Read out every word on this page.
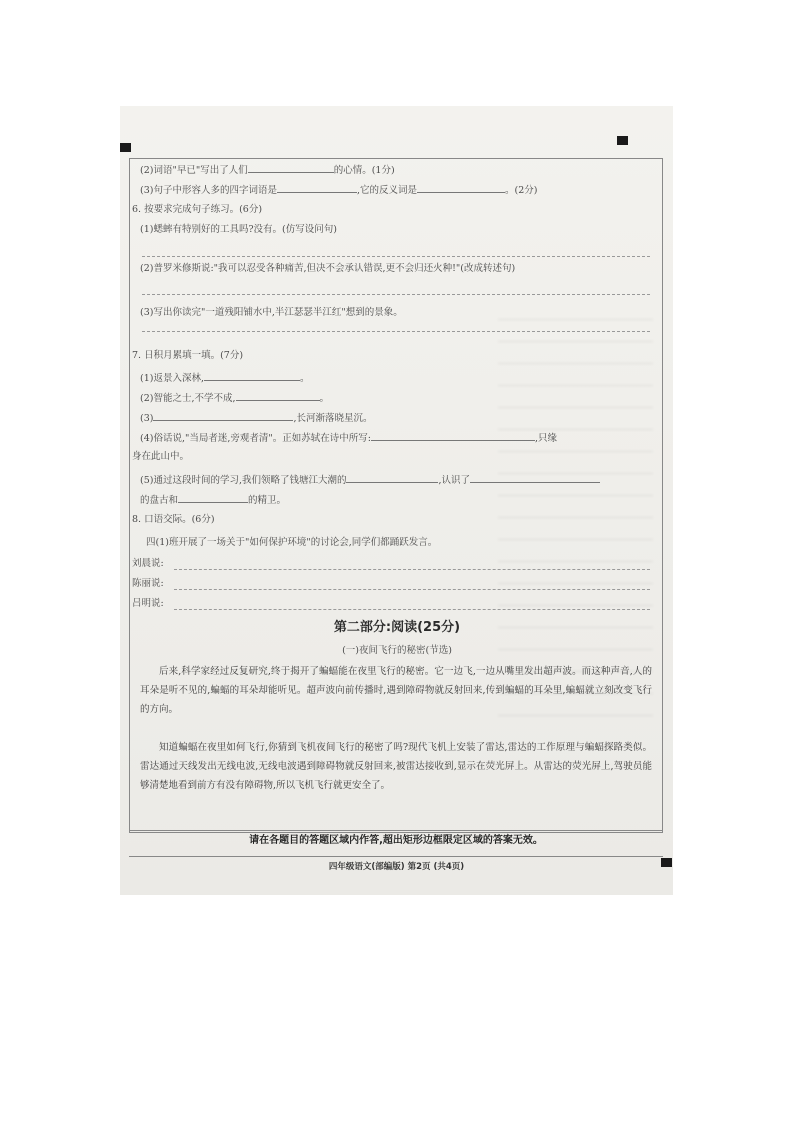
(2)词语"早已"写出了人们	的心情。(1分)
(3)句子中形容人多的四字词语是	,它的反义词是	。(2分)
6. 按要求完成句子练习。(6分)
(1)蟋蟀有特别好的工具吗?没有。(仿写设问句)
(2)普罗米修斯说:"我可以忍受各种痛苦,但决不会承认错误,更不会归还火种!"(改成转述句)
(3)写出你读完"一道残阳铺水中,半江瑟瑟半江红"想到的景象。
7. 日积月累填一填。(7分)
(1)返景入深林,	。
(2)智能之士,不学不成,	。
(3)	,长河渐落晓星沉。
(4)俗话说,"当局者迷,旁观者清"。正如苏轼在诗中所写:	,只缘
身在此山中。
(5)通过这段时间的学习,我们领略了钱塘江大潮的	,认识了
的盘古和	的精卫。
8. 口语交际。(6分)
四(1)班开展了一场关于"如何保护环境"的讨论会,同学们都踊跃发言。
刘晨说:
陈丽说:
吕明说:
第二部分:阅读(25分)
(一)夜间飞行的秘密(节选)
后来,科学家经过反复研究,终于揭开了蝙蝠能在夜里飞行的秘密。它一边飞,一边从嘴里发出超声波。而这种声音,人的耳朵是听不见的,蝙蝠的耳朵却能听见。超声波向前传播时,遇到障碍物就反射回来,传到蝙蝠的耳朵里,蝙蝠就立刻改变飞行的方向。
知道蝙蝠在夜里如何飞行,你猜到飞机夜间飞行的秘密了吗?现代飞机上安装了雷达,雷达的工作原理与蝙蝠探路类似。雷达通过天线发出无线电波,无线电波遇到障碍物就反射回来,被雷达接收到,显示在荧光屏上。从雷达的荧光屏上,驾驶员能够清楚地看到前方有没有障碍物,所以飞机飞行就更安全了。
请在各题目的答题区域内作答,超出矩形边框限定区域的答案无效。
四年级语文(部编版) 第2页 (共4页)
